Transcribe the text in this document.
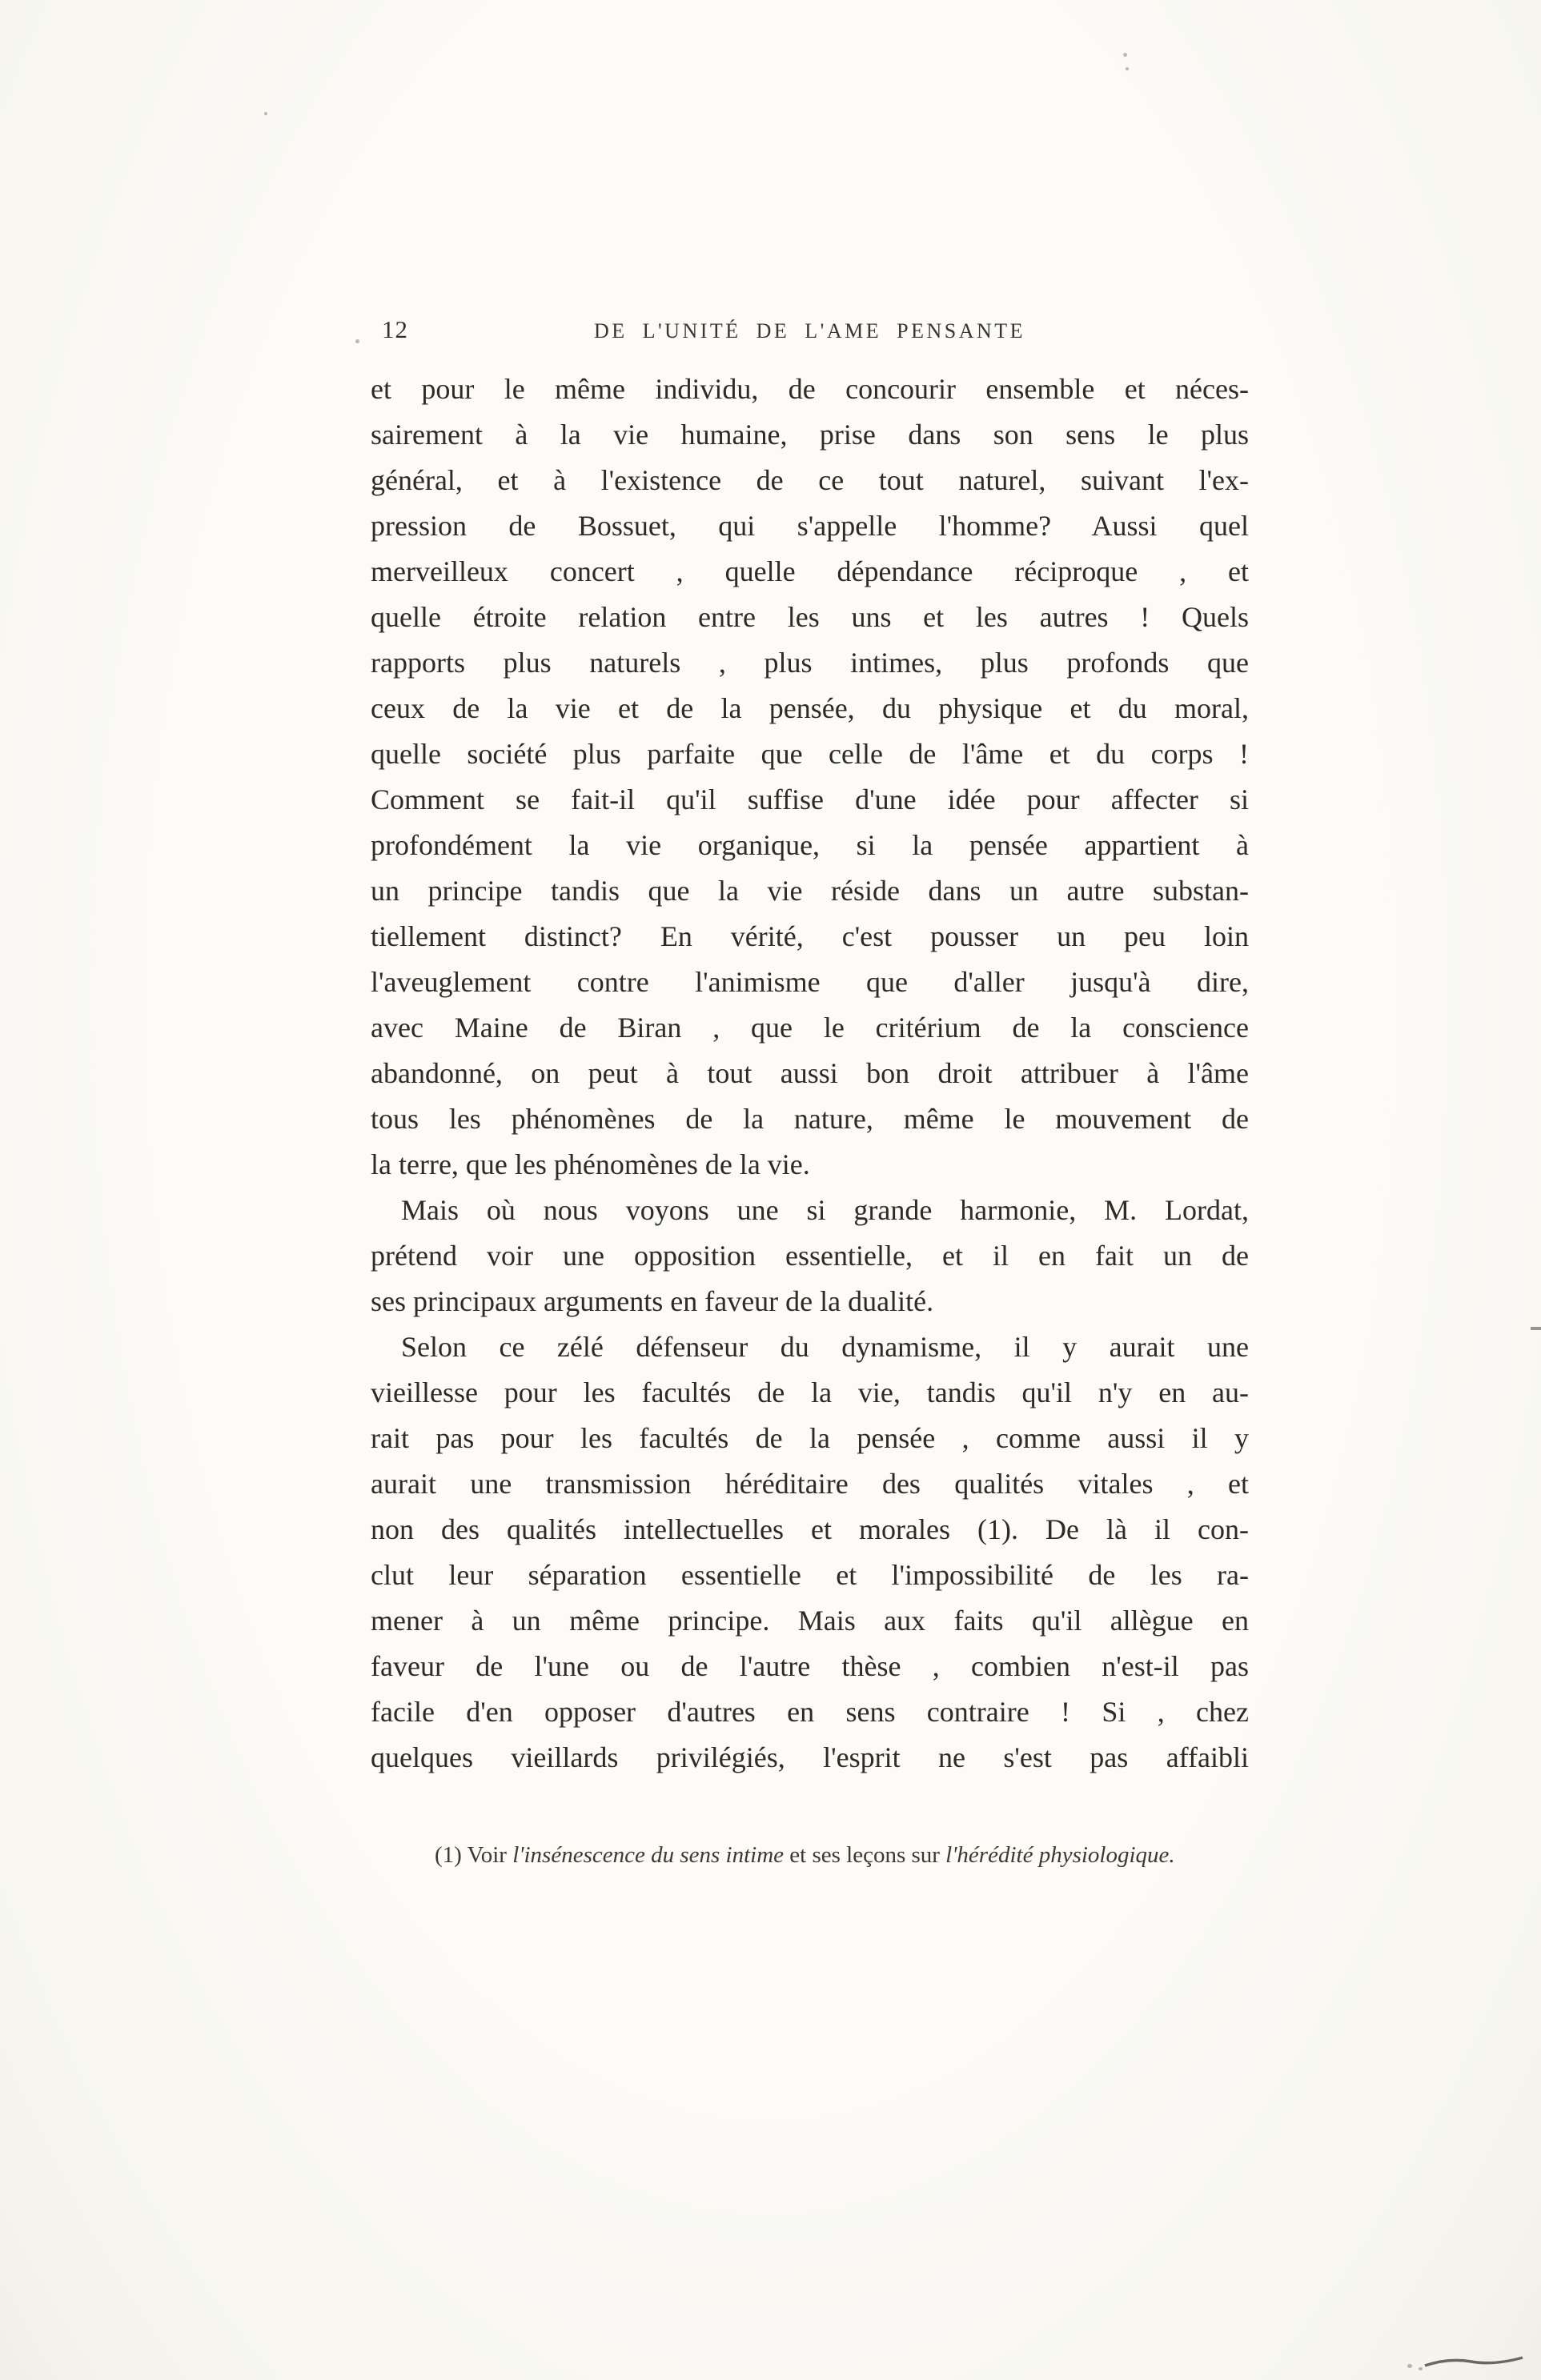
12	DE L'UNITÉ DE L'AME PENSANTE
et pour le même individu, de concourir ensemble et néces-
sairement à la vie humaine, prise dans son sens le plus
général, et à l'existence de ce tout naturel, suivant l'ex-
pression de Bossuet, qui s'appelle l'homme? Aussi quel
merveilleux concert , quelle dépendance réciproque , et
quelle étroite relation entre les uns et les autres ! Quels
rapports plus naturels , plus intimes, plus profonds que
ceux de la vie et de la pensée, du physique et du moral,
quelle société plus parfaite que celle de l'âme et du corps !
Comment se fait-il qu'il suffise d'une idée pour affecter si
profondément la vie organique, si la pensée appartient à
un principe tandis que la vie réside dans un autre substan-
tiellement distinct? En vérité, c'est pousser un peu loin
l'aveuglement contre l'animisme que d'aller jusqu'à dire,
avec Maine de Biran , que le critérium de la conscience
abandonné, on peut à tout aussi bon droit attribuer à l'âme
tous les phénomènes de la nature, même le mouvement de
la terre, que les phénomènes de la vie.
Mais où nous voyons une si grande harmonie, M. Lordat,
prétend voir une opposition essentielle, et il en fait un de
ses principaux arguments en faveur de la dualité.
Selon ce zélé défenseur du dynamisme, il y aurait une
vieillesse pour les facultés de la vie, tandis qu'il n'y en au-
rait pas pour les facultés de la pensée , comme aussi il y
aurait une transmission héréditaire des qualités vitales , et
non des qualités intellectuelles et morales (1). De là il con-
clut leur séparation essentielle et l'impossibilité de les ra-
mener à un même principe. Mais aux faits qu'il allègue en
faveur de l'une ou de l'autre thèse , combien n'est-il pas
facile d'en opposer d'autres en sens contraire ! Si , chez
quelques vieillards privilégiés, l'esprit ne s'est pas affaibli

(1) Voir l'insénescence du sens intime et ses leçons sur l'hérédité physiologique.
